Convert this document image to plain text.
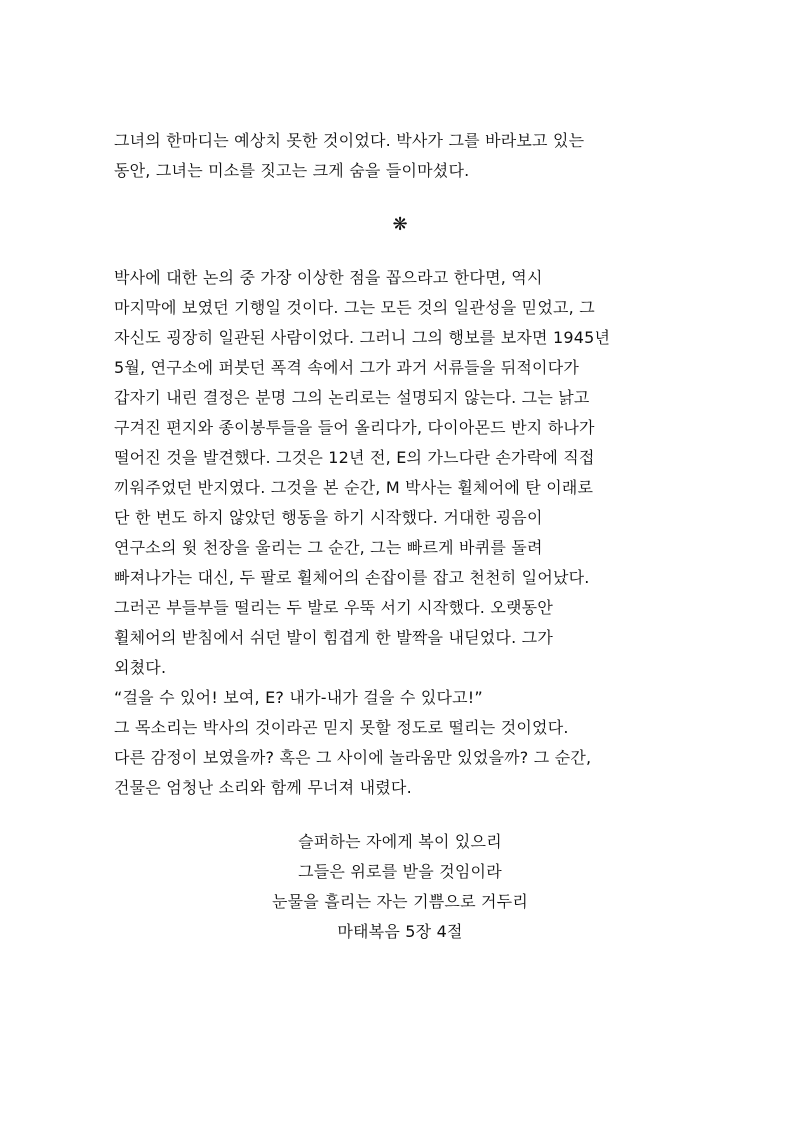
그녀의 한마디는 예상치 못한 것이었다. 박사가 그를 바라보고 있는
동안, 그녀는 미소를 짓고는 크게 숨을 들이마셨다.
❋
박사에 대한 논의 중 가장 이상한 점을 꼽으라고 한다면, 역시
마지막에 보였던 기행일 것이다. 그는 모든 것의 일관성을 믿었고, 그
자신도 굉장히 일관된 사람이었다. 그러니 그의 행보를 보자면 1945년
5월, 연구소에 퍼붓던 폭격 속에서 그가 과거 서류들을 뒤적이다가
갑자기 내린 결정은 분명 그의 논리로는 설명되지 않는다. 그는 낡고
구겨진 편지와 종이봉투들을 들어 올리다가, 다이아몬드 반지 하나가
떨어진 것을 발견했다. 그것은 12년 전, E의 가느다란 손가락에 직접
끼워주었던 반지였다. 그것을 본 순간, M 박사는 휠체어에 탄 이래로
단 한 번도 하지 않았던 행동을 하기 시작했다. 거대한 굉음이
연구소의 윗 천장을 울리는 그 순간, 그는 빠르게 바퀴를 돌려
빠져나가는 대신, 두 팔로 휠체어의 손잡이를 잡고 천천히 일어났다.
그러곤 부들부들 떨리는 두 발로 우뚝 서기 시작했다. 오랫동안
휠체어의 받침에서 쉬던 발이 힘겹게 한 발짝을 내딛었다. 그가
외쳤다.
“걸을 수 있어! 보여, E? 내가-내가 걸을 수 있다고!”
그 목소리는 박사의 것이라곤 믿지 못할 정도로 떨리는 것이었다.
다른 감정이 보였을까? 혹은 그 사이에 놀라움만 있었을까? 그 순간,
건물은 엄청난 소리와 함께 무너져 내렸다.
슬퍼하는 자에게 복이 있으리
그들은 위로를 받을 것임이라
눈물을 흘리는 자는 기쁨으로 거두리
마태복음 5장 4절
